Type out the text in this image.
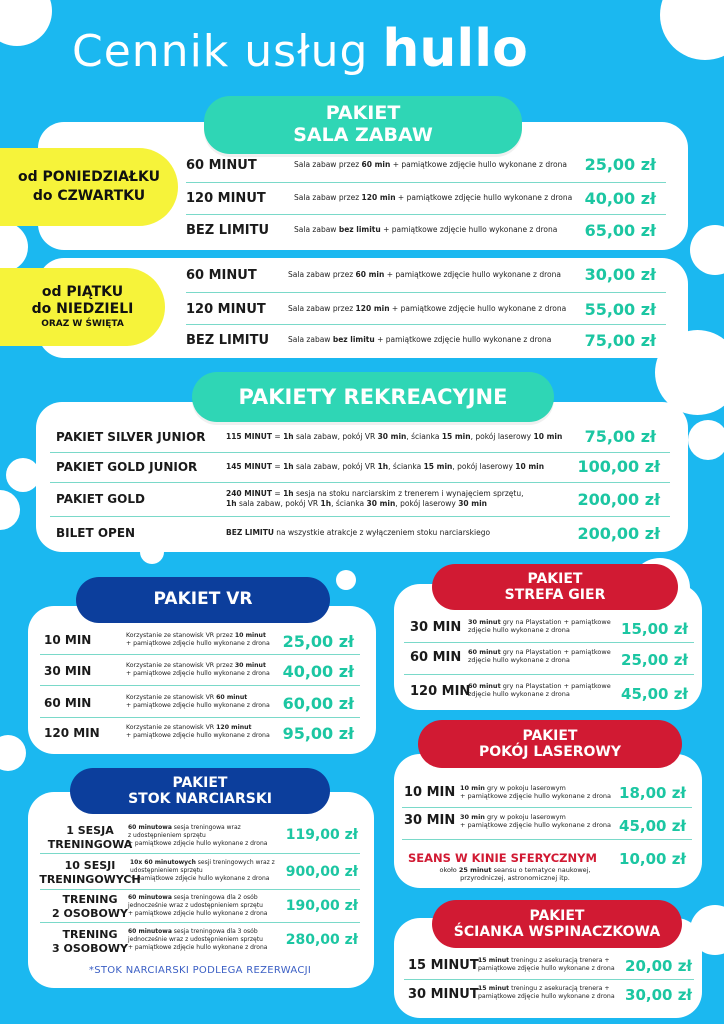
Cennik usług hullo
PAKIET
SALA ZABAW
od PONIEDZIAŁKU
do CZWARTKU
od PIĄTKU
do NIEDZIELI
ORAZ W ŚWIĘTA
60 MINUT	Sala zabaw przez 60 min + pamiątkowe zdjęcie hullo wykonane z drona	25,00 zł
120 MINUT	Sala zabaw przez 120 min + pamiątkowe zdjęcie hullo wykonane z drona 40,00 zł
BEZ LIMITU	Sala zabaw bez limitu + pamiątkowe zdjęcie hullo wykonane z drona	65,00 zł
60 MINUT	Sala zabaw przez 60 min + pamiątkowe zdjęcie hullo wykonane z drona	30,00 zł
120 MINUT	Sala zabaw przez 120 min + pamiątkowe zdjęcie hullo wykonane z drona	55,00 zł
BEZ LIMITU	Sala zabaw bez limitu + pamiątkowe zdjęcie hullo wykonane z drona	75,00 zł
PAKIETY REKREACYJNE
PAKIET SILVER JUNIOR	115 MINUT = 1h sala zabaw, pokój VR 30 min, ścianka 15 min, pokój laserowy 10 min	75,00 zł
PAKIET GOLD JUNIOR	145 MINUT = 1h sala zabaw, pokój VR 1h, ścianka 15 min, pokój laserowy 10 min	100,00 zł
PAKIET GOLD	240 MINUT = 1h sesja na stoku narciarskim z trenerem i wynajęciem sprzętu, 1h sala zabaw, pokój VR 1h, ścianka 30 min, pokój laserowy 30 min	200,00 zł
BILET OPEN	BEZ LIMITU na wszystkie atrakcje z wyłączeniem stoku narciarskiego	200,00 zł
PAKIET VR
10 MIN	Korzystanie ze stanowisk VR przez 10 minut
+ pamiątkowe zdjęcie hullo wykonane z drona 25,00 zł
30 MIN	Korzystanie ze stanowisk VR przez 30 minut
+ pamiątkowe zdjęcie hullo wykonane z drona 40,00 zł
60 MIN	Korzystanie ze stanowisk VR 60 minut
+ pamiątkowe zdjęcie hullo wykonane z drona 60,00 zł
120 MIN	Korzystanie ze stanowisk VR 120 minut
+ pamiątkowe zdjęcie hullo wykonane z drona 95,00 zł
PAKIET
STOK NARCIARSKI
1 SESJA
TRENINGOWA
60 minutowa sesja treningowa wraz
z udostępnieniem sprzętu
+ pamiątkowe zdjęcie hullo wykonane z drona
119,00 zł
10 SESJI
TRENINGOWYCH
10x 60 minutowych sesji treningowych wraz z
udostępnieniem sprzętu
+ pamiątkowe zdjęcie hullo wykonane z drona	900,00 zł
TRENING
2 OSOBOWY
60 minutowa sesja treningowa dla 2 osób
jednocześnie wraz z udostępnieniem sprzętu
+ pamiątkowe zdjęcie hullo wykonane z drona	190,00 zł
TRENING
3 OSOBOWY
60 minutowa sesja treningowa dla 3 osób
jednocześnie wraz z udostępnieniem sprzętu
+ pamiątkowe zdjęcie hullo wykonane z drona	280,00 zł
*STOK NARCIARSKI PODLEGA REZERWACJI
PAKIET
STREFA GIER
30 MIN 30 minut gry na Playstation + pamiątkowe
zdjęcie hullo wykonane z drona	15,00 zł
60 MIN 60 minut gry na Playstation + pamiątkowe
zdjęcie hullo wykonane z drona	25,00 zł
120 MIN
60 minut gry na Playstation + pamiątkowe
zdjęcie hullo wykonane z drona	45,00 zł
PAKIET
POKÓJ LASEROWY
10 MIN 10 min gry w pokoju laserowym
+ pamiątkowe zdjęcie hullo wykonane z drona 18,00 zł
30 MIN 30 min gry w pokoju laserowym
+ pamiątkowe zdjęcie hullo wykonane z drona 45,00 zł
SEANS W KINIE SFERYCZNYM 10,00 zł
około 25 minut seansu o tematyce naukowej,
przyrodniczej, astronomicznej itp.
PAKIET
ŚCIANKA WSPINACZKOWA
15 MINUT 15 minut treningu z asekuracją trenera +
pamiątkowe zdjęcie hullo wykonane z drona 20,00 zł
30 MINUT 15 minut treningu z asekuracją trenera +
pamiątkowe zdjęcie hullo wykonane z drona 30,00 zł
